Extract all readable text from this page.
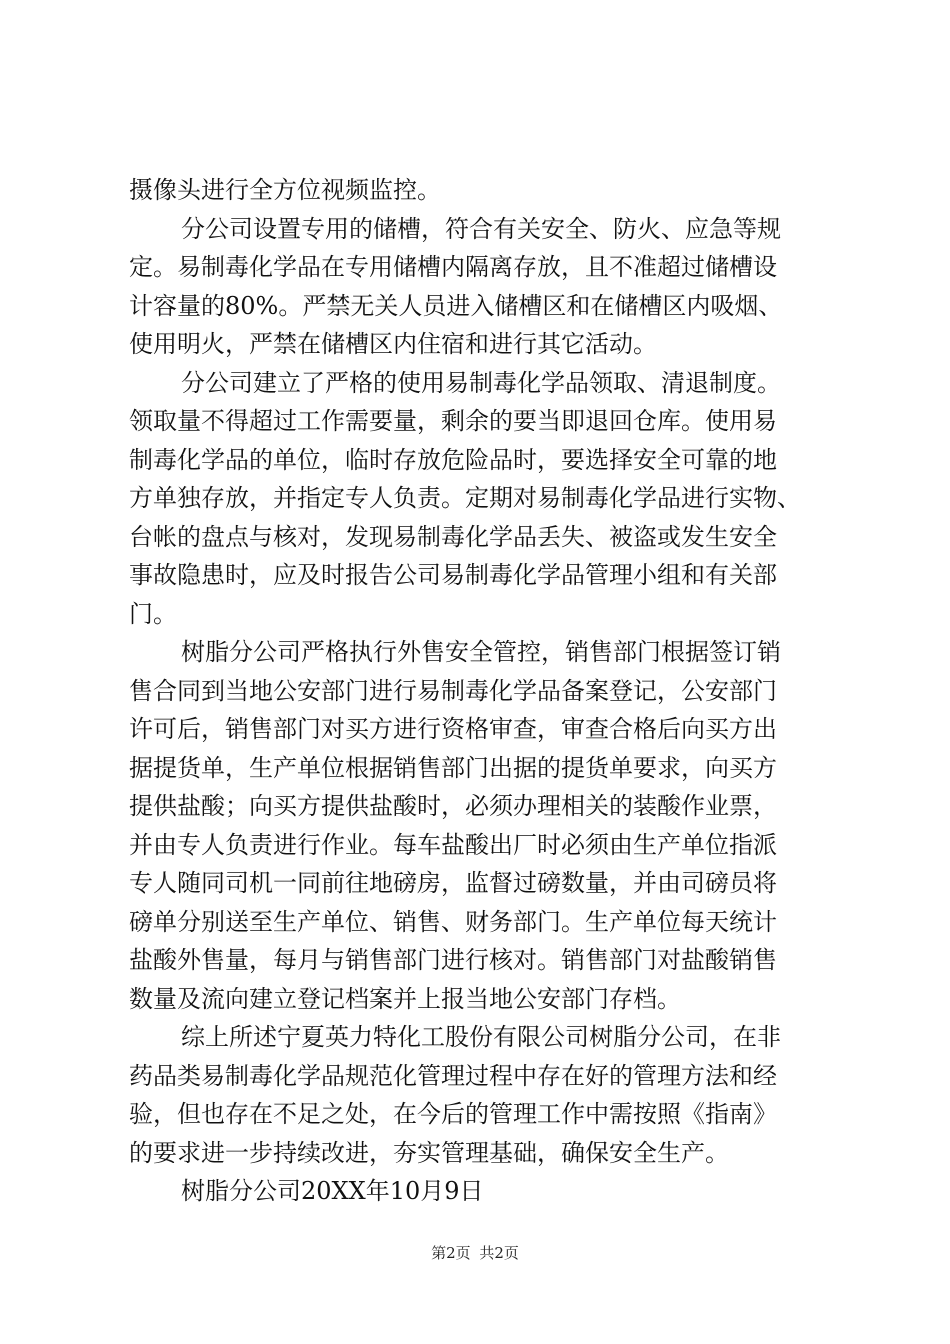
摄像头进行全方位视频监控。
分公司设置专用的储槽，符合有关安全、防火、应急等规
定。易制毒化学品在专用储槽内隔离存放，且不准超过储槽设
计容量的80%。严禁无关人员进入储槽区和在储槽区内吸烟、
使用明火，严禁在储槽区内住宿和进行其它活动。
分公司建立了严格的使用易制毒化学品领取、清退制度。
领取量不得超过工作需要量，剩余的要当即退回仓库。使用易
制毒化学品的单位，临时存放危险品时，要选择安全可靠的地
方单独存放，并指定专人负责。定期对易制毒化学品进行实物、
台帐的盘点与核对，发现易制毒化学品丢失、被盗或发生安全
事故隐患时，应及时报告公司易制毒化学品管理小组和有关部
门。
树脂分公司严格执行外售安全管控，销售部门根据签订销
售合同到当地公安部门进行易制毒化学品备案登记，公安部门
许可后，销售部门对买方进行资格审查，审查合格后向买方出
据提货单，生产单位根据销售部门出据的提货单要求，向买方
提供盐酸；向买方提供盐酸时，必须办理相关的装酸作业票，
并由专人负责进行作业。每车盐酸出厂时必须由生产单位指派
专人随同司机一同前往地磅房，监督过磅数量，并由司磅员将
磅单分别送至生产单位、销售、财务部门。生产单位每天统计
盐酸外售量，每月与销售部门进行核对。销售部门对盐酸销售
数量及流向建立登记档案并上报当地公安部门存档。
综上所述宁夏英力特化工股份有限公司树脂分公司，在非
药品类易制毒化学品规范化管理过程中存在好的管理方法和经
验，但也存在不足之处，在今后的管理工作中需按照《指南》
的要求进一步持续改进，夯实管理基础，确保安全生产。
树脂分公司20XX年10月9日
第2页 共2页
